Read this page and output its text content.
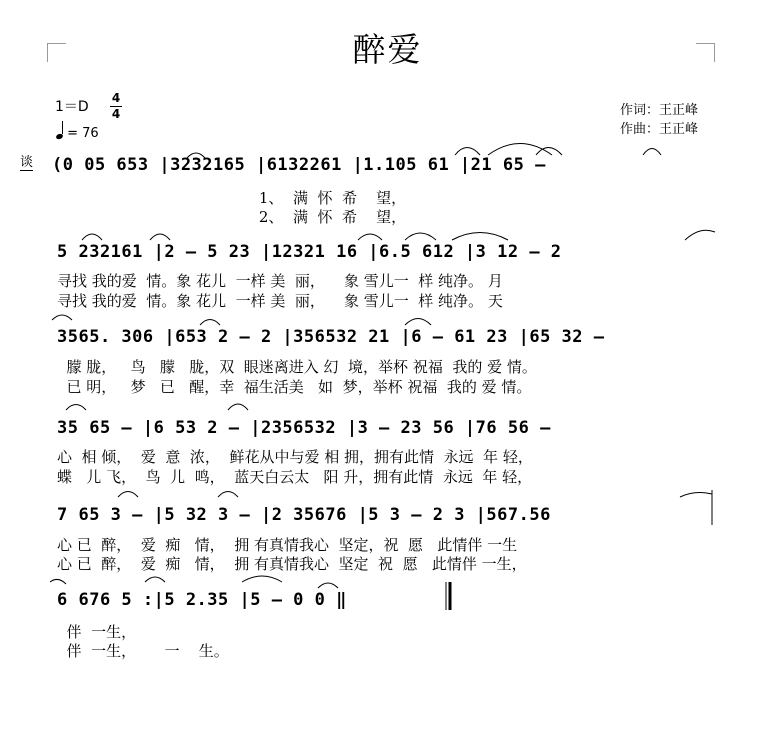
醉爱
1＝D
4
4
= 76
作词：王正峰
作曲：王正峰
谈 (0 05 653 |3232165 |6132261 |1.105 61 |21 65 –
1、  满  怀  希    望，
2、  满  怀  希    望，
5 232161 |2 – 5 23 |12321 16 |6.5 612 |3 12 – 2
寻找 我的爱  情。象 花儿  一样 美  丽，    象 雪儿一  样 纯净。 月
寻找 我的爱  情。象 花儿  一样 美  丽，    象 雪儿一  样 纯净。 天
3565. 306 |653 2 – 2 |356532 21 |6 – 61 23 |65 32 –
朦 胧，   鸟   朦   胧，双  眼迷离进入 幻  境，举杯 祝福  我的 爱 情。
已 明，   梦   已   醒，幸  福生活美   如  梦，举杯 祝福  我的 爱 情。
35 65 – |6 53 2 – |2356532 |3 – 23 56 |76 56 –
心  相 倾，  爱  意  浓，  鲜花从中与爱 相 拥，拥有此情  永远  年 轻，
蝶   儿 飞，  鸟  儿  鸣，  蓝天白云太   阳 升，拥有此情  永远  年 轻，
7 65 3 – |5 32 3 – |2 35676 |5 3 – 2 3 |567.56
心 已  醉，  爱  痴   情，  拥 有真情我心  坚定，祝  愿   此情伴 一生
心 已  醉，  爱  痴   情，  拥 有真情我心  坚定  祝  愿   此情伴 一生，
6 676 5 :|5 2.35 |5 – 0 0 ‖
伴  一生，
伴  一生，      一    生。
